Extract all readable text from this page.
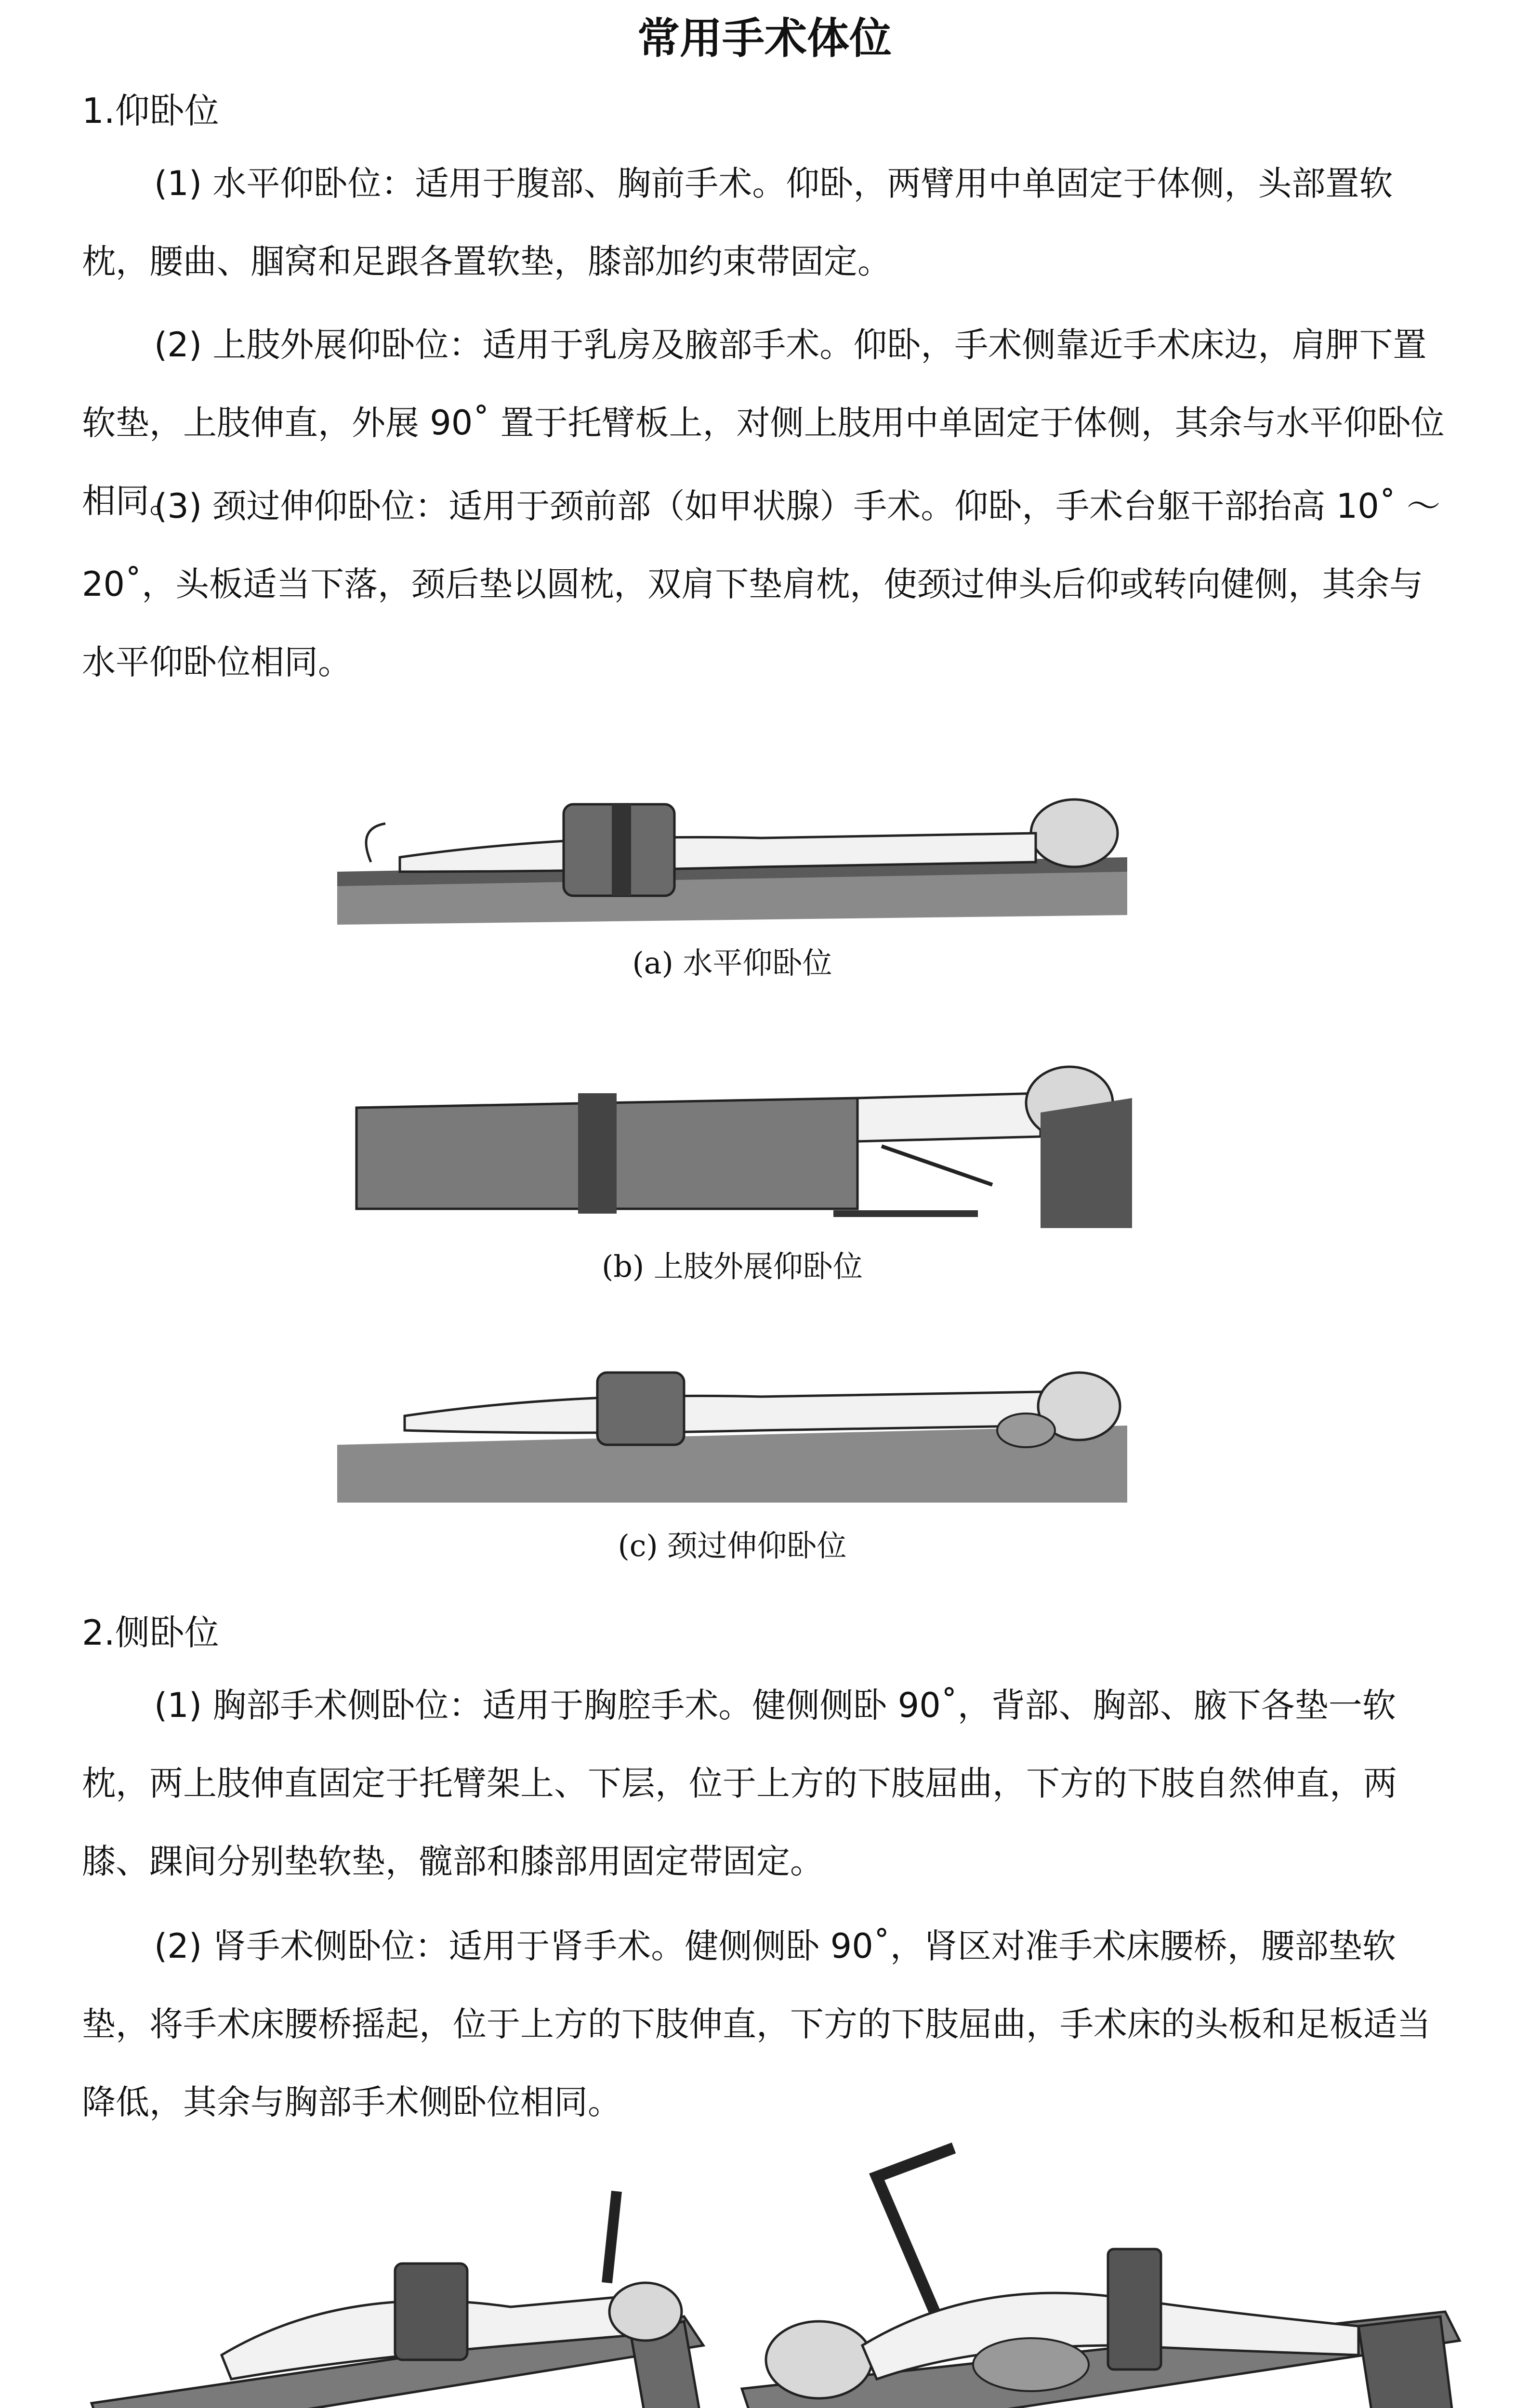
常用手术体位
1.仰卧位
(1) 水平仰卧位：适用于腹部、胸前手术。仰卧，两臂用中单固定于体侧，头部置软枕，腰曲、腘窝和足跟各置软垫，膝部加约束带固定。
(2) 上肢外展仰卧位：适用于乳房及腋部手术。仰卧，手术侧靠近手术床边，肩胛下置软垫，上肢伸直，外展 90˚ 置于托臂板上，对侧上肢用中单固定于体侧，其余与水平仰卧位相同。
(3) 颈过伸仰卧位：适用于颈前部（如甲状腺）手术。仰卧，手术台躯干部抬高 10˚ ～20˚，头板适当下落，颈后垫以圆枕，双肩下垫肩枕，使颈过伸头后仰或转向健侧，其余与水平仰卧位相同。
(a) 水平仰卧位
(b) 上肢外展仰卧位
(c) 颈过伸仰卧位
2.侧卧位
(1) 胸部手术侧卧位：适用于胸腔手术。健侧侧卧 90˚，背部、胸部、腋下各垫一软枕，两上肢伸直固定于托臂架上、下层，位于上方的下肢屈曲，下方的下肢自然伸直，两膝、踝间分别垫软垫，髋部和膝部用固定带固定。
(2) 肾手术侧卧位：适用于肾手术。健侧侧卧 90˚，肾区对准手术床腰桥，腰部垫软垫，将手术床腰桥摇起，位于上方的下肢伸直，下方的下肢屈曲，手术床的头板和足板适当降低，其余与胸部手术侧卧位相同。
